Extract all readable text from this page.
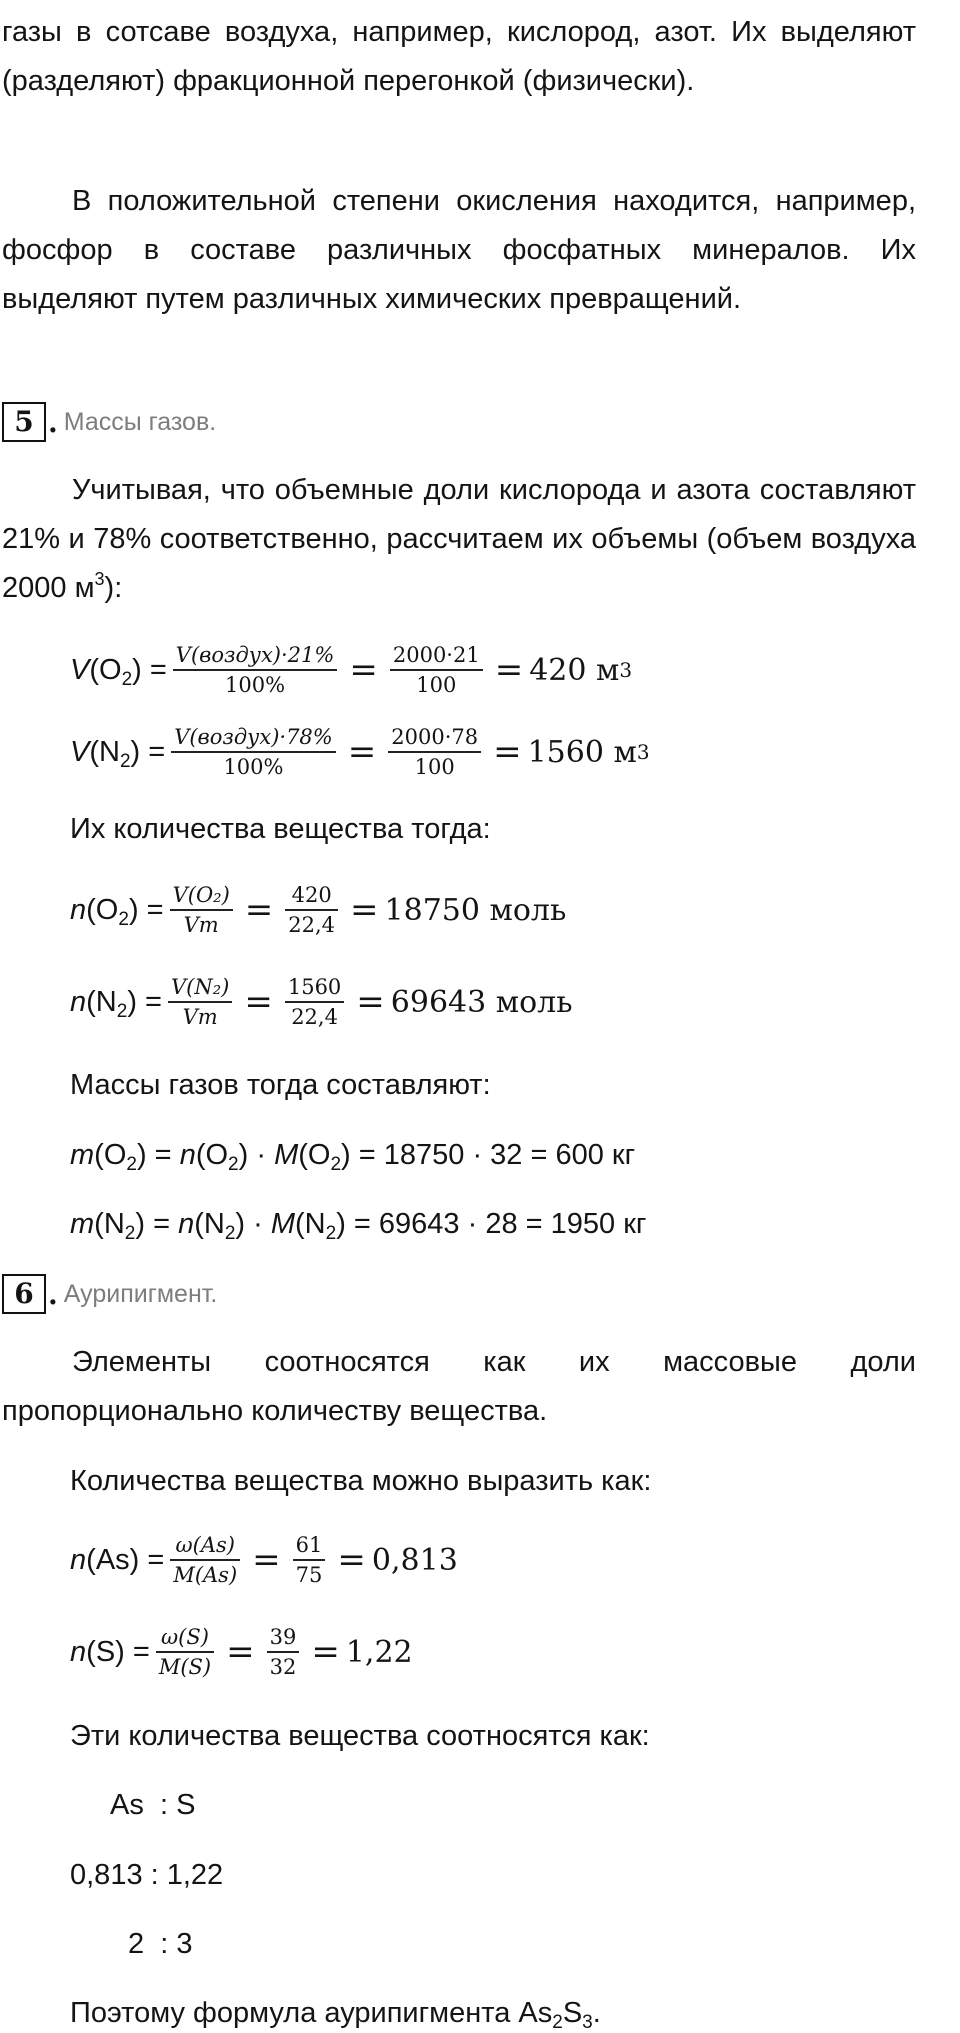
газы в сотсаве воздуха, например, кислород, азот. Их выделяют (разделяют) фракционной перегонкой (физически).

В положительной степени окисления находится, например, фосфор в составе различных фосфатных минералов. Их выделяют путем различных химических превращений.

5 . Массы газов.

Учитывая, что объемные доли кислорода и азота составляют 21% и 78% соответственно, рассчитаем их объемы (объем воздуха 2000 $м^3$):

V $(O_2) = \frac{\text{V(воздух)·21\%}}{100\%} = \frac{2000\cdot 21}{100} = 420$ м 3
V $(N_2) = \frac{\text{V(воздух)·78\%}}{100\%} = \frac{2000\cdot 78}{100} = 1560$ м 3
Их количества вещества тогда:
n $(O_2) = \frac{\text{V(O₂)}}{Vm} = \frac{420}{22,4} = 18750$ моль
n $(N_2) = \frac{\text{V(N₂)}}{Vm} = \frac{1560}{22,4} = 69643$ моль
Массы газов тогда составляют:
$m(O_2) = n(O_2) \cdot M(O_2) = 18750 \cdot 32 = 600$ кг
$m(N_2) = n(N_2) \cdot M(N_2) = 69643 \cdot 28 = 1950$ кг
6 . Аурипигмент.

Элементы соотносятся как их массовые доли пропорционально количеству вещества.

Количества вещества можно выразить как:
n ( As ) = $\frac{\omega(As)}{M(As)} = \frac{61}{75} = 0,813$
n ( S ) = $\frac{\omega(S)}{M(S)} = \frac{39}{32} = 1,22$
Эти количества вещества соотносятся как:
As  : S
0,813 : 1,22
2  : 3
Поэтому формула аурипигмента $As_2S_3$.
